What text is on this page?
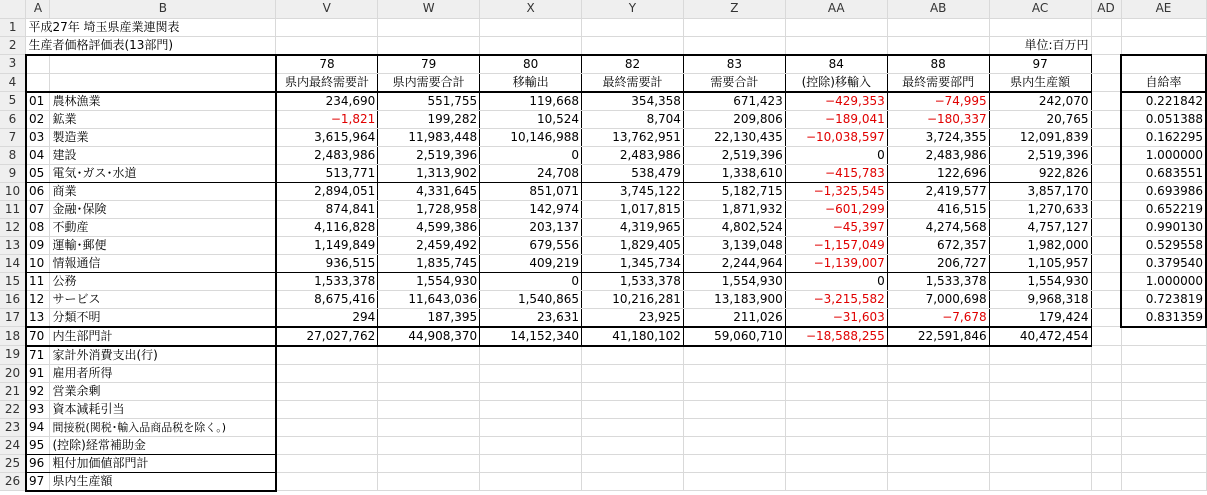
	A	B	V	W	X	Y	Z	AA	AB	AC	AD	AE
1	平成27年 埼玉県産業連関表											
2	生産者価格評価表(13部門)									単位:百万円		
3			78	79	80	82	83	84	88	97		
4			県内最終需要計	県内需要合計	移輸出	最終需要計	需要合計	(控除)移輸入	最終需要部門	県内生産額		自給率
5	01	農林漁業	234,690	551,755	119,668	354,358	671,423	−429,353	−74,995	242,070		0.221842
6	02	鉱業	−1,821	199,282	10,524	8,704	209,806	−189,041	−180,337	20,765		0.051388
7	03	製造業	3,615,964	11,983,448	10,146,988	13,762,951	22,130,435	−10,038,597	3,724,355	12,091,839		0.162295
8	04	建設	2,483,986	2,519,396	0	2,483,986	2,519,396	0	2,483,986	2,519,396		1.000000
9	05	電気･ガス･水道	513,771	1,313,902	24,708	538,479	1,338,610	−415,783	122,696	922,826		0.683551
10	06	商業	2,894,051	4,331,645	851,071	3,745,122	5,182,715	−1,325,545	2,419,577	3,857,170		0.693986
11	07	金融･保険	874,841	1,728,958	142,974	1,017,815	1,871,932	−601,299	416,515	1,270,633		0.652219
12	08	不動産	4,116,828	4,599,386	203,137	4,319,965	4,802,524	−45,397	4,274,568	4,757,127		0.990130
13	09	運輸･郵便	1,149,849	2,459,492	679,556	1,829,405	3,139,048	−1,157,049	672,357	1,982,000		0.529558
14	10	情報通信	936,515	1,835,745	409,219	1,345,734	2,244,964	−1,139,007	206,727	1,105,957		0.379540
15	11	公務	1,533,378	1,554,930	0	1,533,378	1,554,930	0	1,533,378	1,554,930		1.000000
16	12	サービス	8,675,416	11,643,036	1,540,865	10,216,281	13,183,900	−3,215,582	7,000,698	9,968,318		0.723819
17	13	分類不明	294	187,395	23,631	23,925	211,026	−31,603	−7,678	179,424		0.831359
18	70	内生部門計	27,027,762	44,908,370	14,152,340	41,180,102	59,060,710	−18,588,255	22,591,846	40,472,454		
19	71	家計外消費支出(行)										
20	91	雇用者所得										
21	92	営業余剰										
22	93	資本減耗引当										
23	94	間接税(関税･輸入品商品税を除く｡)										
24	95	(控除)経常補助金										
25	96	粗付加価値部門計										
26	97	県内生産額										
